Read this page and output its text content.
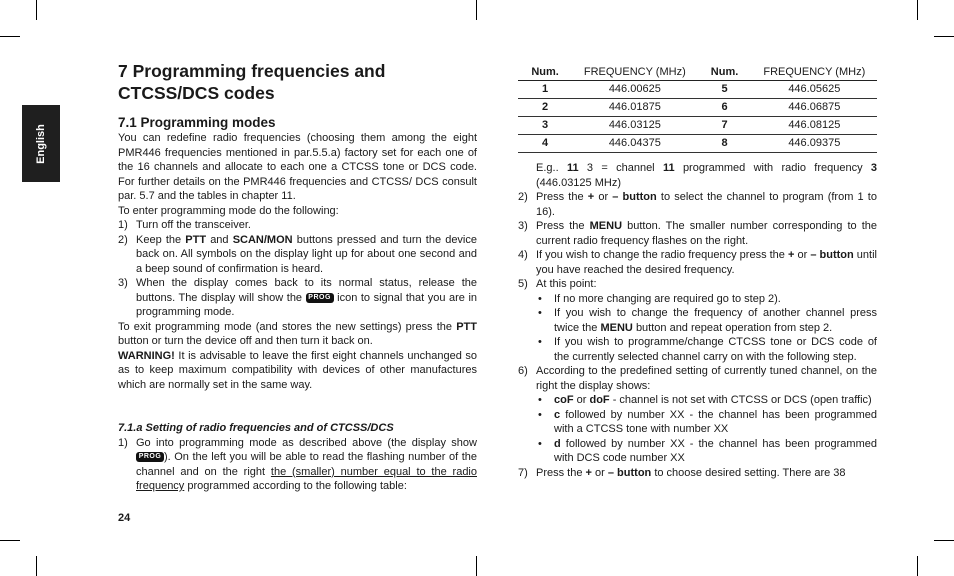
English
7 Programming frequencies and
CTCSS/DCS codes
7.1 Programming modes

You can redefine radio frequencies (choosing them among the eight PMR446 frequencies mentioned in par.5.5.a) factory set for each one of the 16 channels and allocate to each one a CTCSS tone or DCS code. For further details on the PMR446 frequencies and CTCSS/ DCS consult par. 5.7 and the tables in chapter 11.

To enter programming mode do the following:

1) Turn off the transceiver.
2) Keep the PTT and SCAN/MON buttons pressed and turn the device back on. All symbols on the display light up for about one second and a beep sound of confirmation is heard.
3) When the display comes back to its normal status, release the buttons. The display will show the PROG icon to signal that you are in programming mode.

To exit programming mode (and stores the new settings) press the PTT button or turn the device off and then turn it back on.

WARNING! It is advisable to leave the first eight channels unchanged so as to keep maximum compatibility with devices of other manufactures which are normally set in the same way.

7.1.a Setting of radio frequencies and of CTCSS/DCS
1) Go into programming mode as described above (the display show PROG ). On the left you will be able to read the flashing number of the channel and on the right the (smaller) number equal to the radio frequency programmed according to the following table:
24
Num.	FREQUENCY (MHz)	Num.	FREQUENCY (MHz)
1	446.00625	5	446.05625
2	446.01875	6	446.06875
3	446.03125	7	446.08125
4	446.04375	8	446.09375

E.g.. 11 3 = channel 11 programmed with radio frequency 3 (446.03125 MHz)

2) Press the + or – button to select the channel to program (from 1 to 16).
3) Press the MENU button. The smaller number corresponding to the current radio frequency flashes on the right.
4) If you wish to change the radio frequency press the + or – button until you have reached the desired frequency.
5) At this point:
• If no more changing are required go to step 2).
• If you wish to change the frequency of another channel press twice the MENU button and repeat operation from step 2.
• If you wish to programme/change CTCSS tone or DCS code of the currently selected channel carry on with the following step.
6) According to the predefined setting of currently tuned channel, on the right the display shows:
• coF or doF - channel is not set with CTCSS or DCS (open traffic)
• c followed by number XX - the channel has been programmed with a CTCSS tone with number XX
• d followed by number XX - the channel has been programmed with DCS code number XX
7) Press the + or – button to choose desired setting. There are 38
